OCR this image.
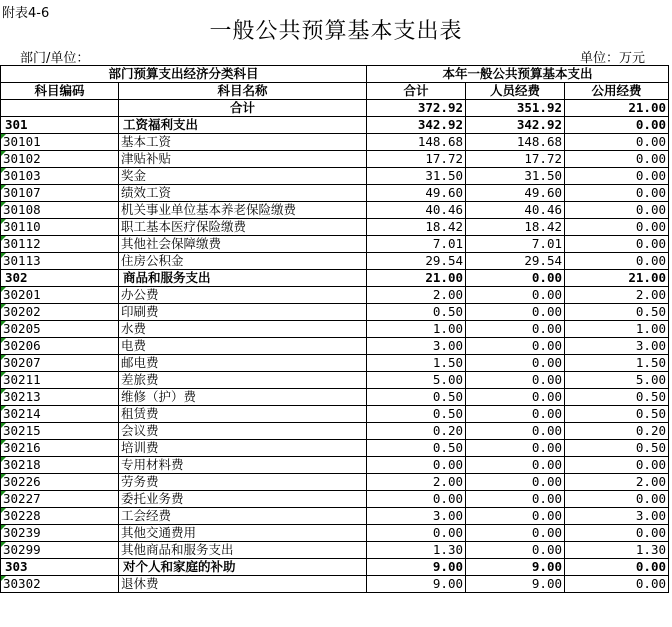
附表4-6
一般公共预算基本支出表
部门/单位：	单位：万元
部门预算支出经济分类科目		本年一般公共预算基本支出		
科目编码	科目名称	合计	人员经费	公用经费
	合计	372.92	351.92	21.00
301	工资福利支出	342.92	342.92	0.00
30101	基本工资	148.68	148.68	0.00
30102	津贴补贴	17.72	17.72	0.00
30103	奖金	31.50	31.50	0.00
30107	绩效工资	49.60	49.60	0.00
30108	机关事业单位基本养老保险缴费	40.46	40.46	0.00
30110	职工基本医疗保险缴费	18.42	18.42	0.00
30112	其他社会保障缴费	7.01	7.01	0.00
30113	住房公积金	29.54	29.54	0.00
302	商品和服务支出	21.00	0.00	21.00
30201	办公费	2.00	0.00	2.00
30202	印刷费	0.50	0.00	0.50
30205	水费	1.00	0.00	1.00
30206	电费	3.00	0.00	3.00
30207	邮电费	1.50	0.00	1.50
30211	差旅费	5.00	0.00	5.00
30213	维修（护）费	0.50	0.00	0.50
30214	租赁费	0.50	0.00	0.50
30215	会议费	0.20	0.00	0.20
30216	培训费	0.50	0.00	0.50
30218	专用材料费	0.00	0.00	0.00
30226	劳务费	2.00	0.00	2.00
30227	委托业务费	0.00	0.00	0.00
30228	工会经费	3.00	0.00	3.00
30239	其他交通费用	0.00	0.00	0.00
30299	其他商品和服务支出	1.30	0.00	1.30
303	对个人和家庭的补助	9.00	9.00	0.00
30302	退休费	9.00	9.00	0.00
